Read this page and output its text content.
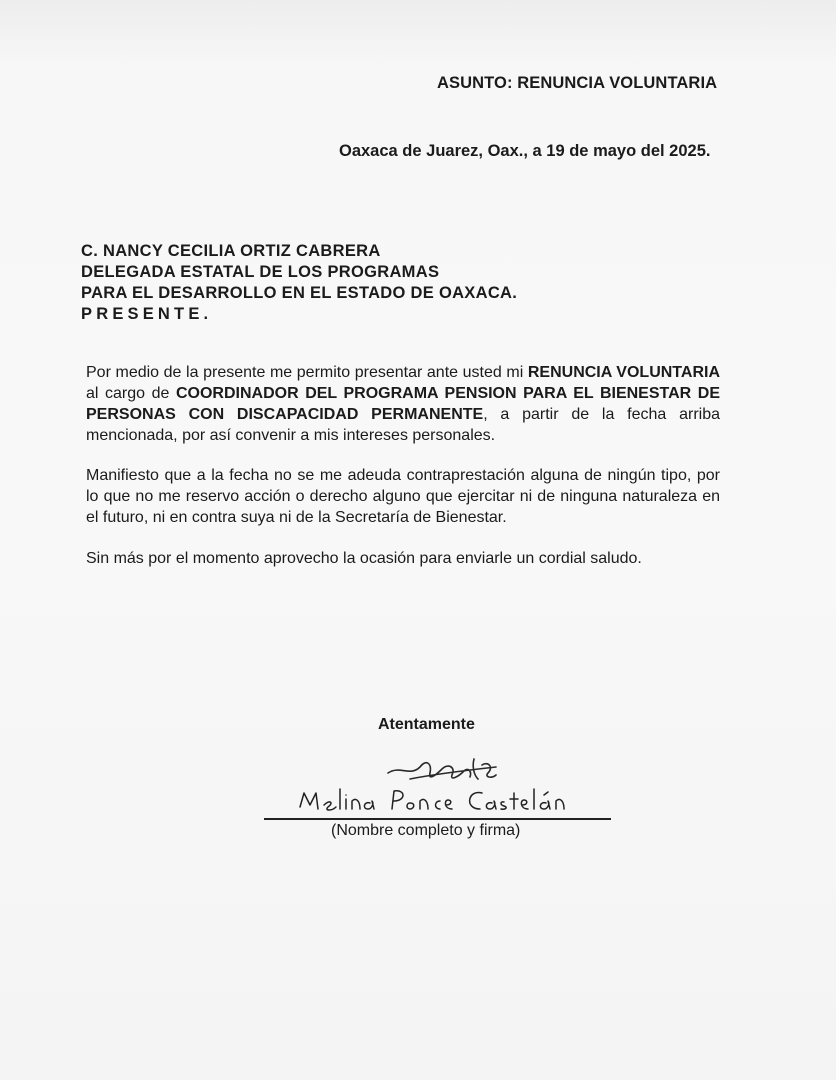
ASUNTO: RENUNCIA VOLUNTARIA
Oaxaca de Juarez, Oax., a 19 de mayo del 2025.
C. NANCY CECILIA ORTIZ CABRERA
DELEGADA ESTATAL DE LOS PROGRAMAS
PARA EL DESARROLLO EN EL ESTADO DE OAXACA.
PRESENTE.
Por medio de la presente me permito presentar ante usted mi RENUNCIA VOLUNTARIA al cargo de COORDINADOR DEL PROGRAMA PENSION PARA EL BIENESTAR DE PERSONAS CON DISCAPACIDAD PERMANENTE, a partir de la fecha arriba mencionada, por así convenir a mis intereses personales.
Manifiesto que a la fecha no se me adeuda contraprestación alguna de ningún tipo, por lo que no me reservo acción o derecho alguno que ejercitar ni de ninguna naturaleza en el futuro, ni en contra suya ni de la Secretaría de Bienestar.
Sin más por el momento aprovecho la ocasión para enviarle un cordial saludo.
Atentamente
(Nombre completo y firma)
